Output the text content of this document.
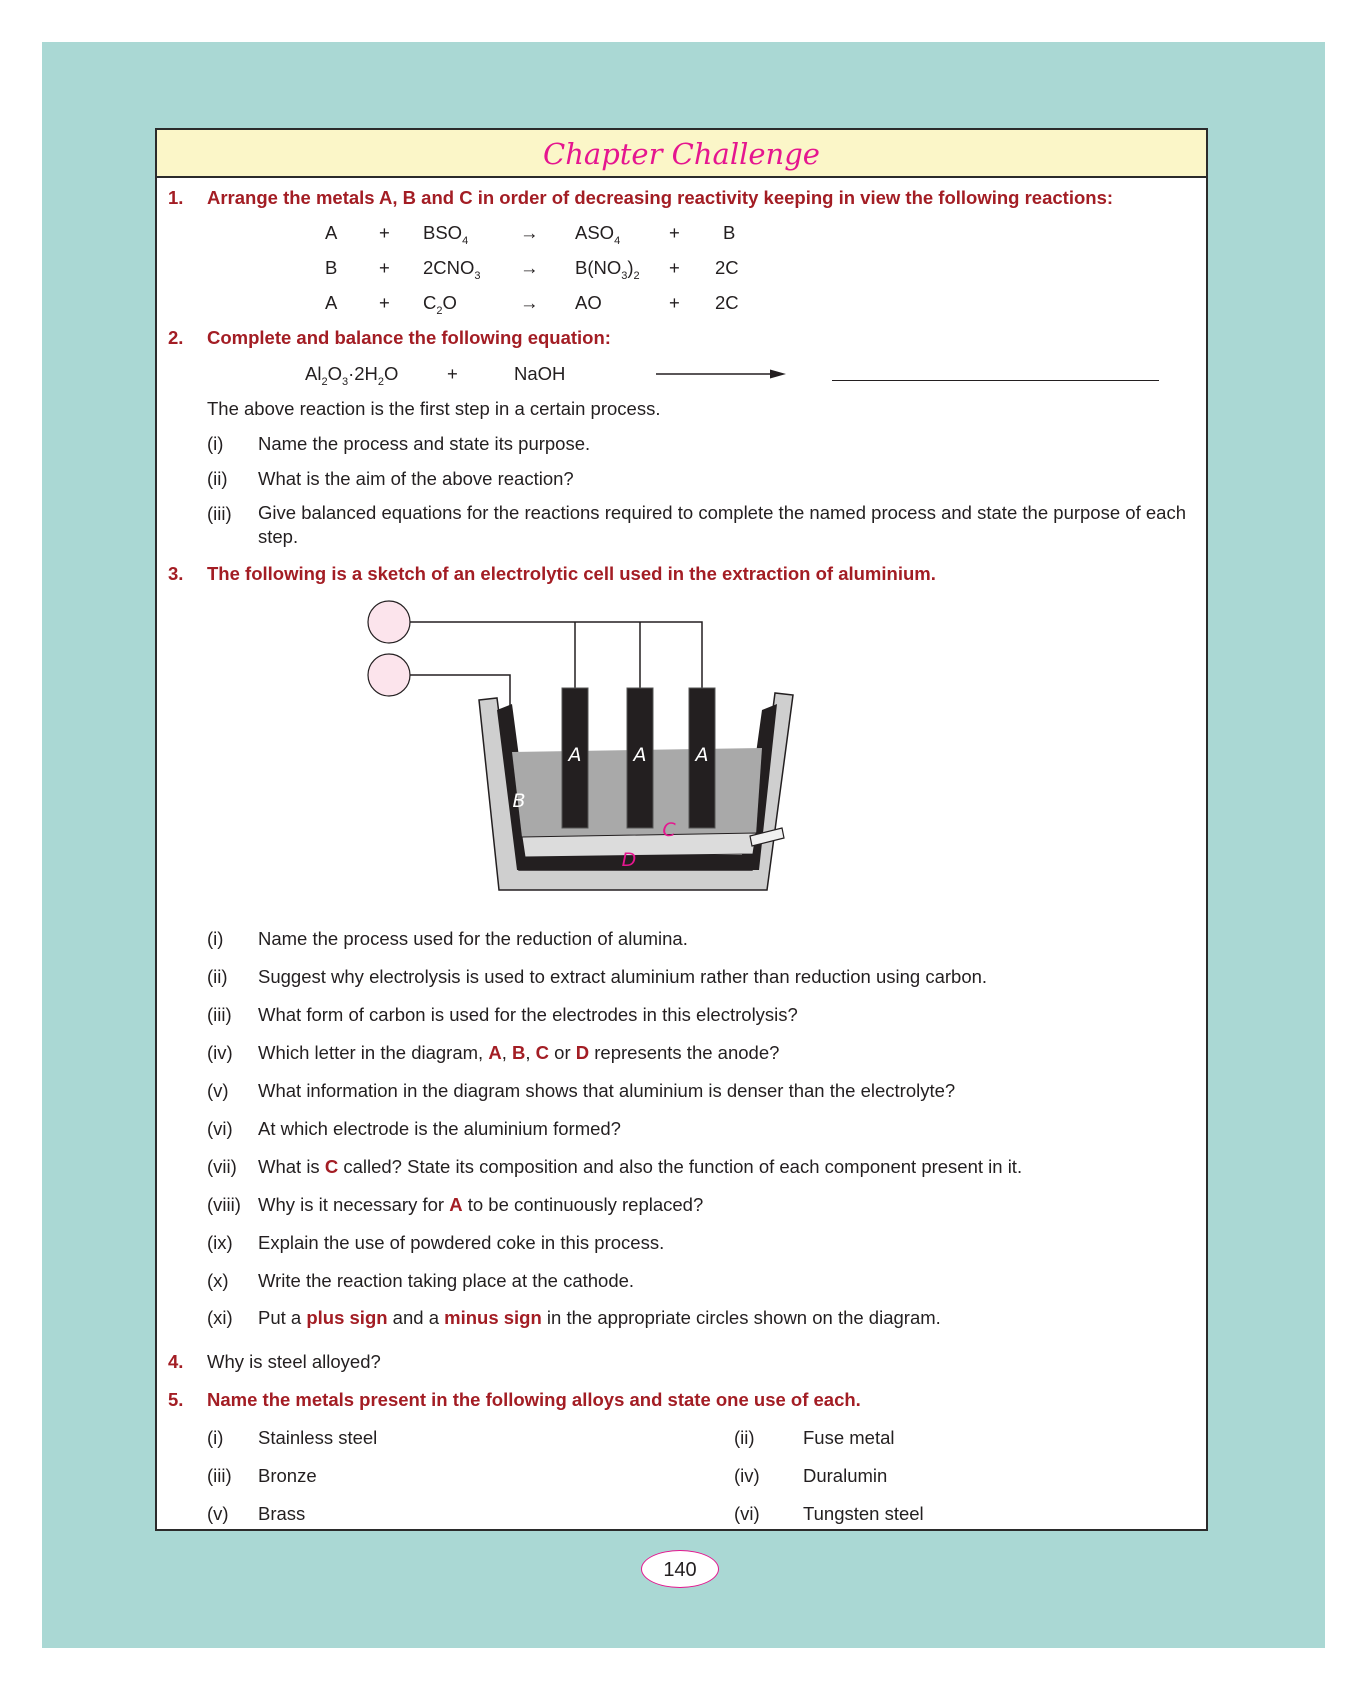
Chapter Challenge
1. Arrange the metals A, B and C in order of decreasing reactivity keeping in view the following reactions:
$A + BSO_4$	→ $ASO_4$	+ B
$B + 2CNO_3 \to B(NO_3)_2 + 2C$
$A + C_2O$	→ AO	+ 2C
2. Complete and balance the following equation:
$Al_2O_3\cdot 2H_2O$	+	NaOH
The above reaction is the first step in a certain process.
(i) Name the process and state its purpose.
(ii) What is the aim of the above reaction?
(iii) Give balanced equations for the reactions required to complete the named process and state the purpose of each step.
3. The following is a sketch of an electrolytic cell used in the extraction of aluminium.
A	A	A
B
C
D
(i) Name the process used for the reduction of alumina.
(ii) Suggest why electrolysis is used to extract aluminium rather than reduction using carbon.
(iii) What form of carbon is used for the electrodes in this electrolysis?
(iv) Which letter in the diagram, A, B, C or D represents the anode?
(v) What information in the diagram shows that aluminium is denser than the electrolyte?
(vi) At which electrode is the aluminium formed?
(vii) What is C called? State its composition and also the function of each component present in it.
(viii) Why is it necessary for A to be continuously replaced?
(ix) Explain the use of powdered coke in this process.
(x) Write the reaction taking place at the cathode.
(xi) Put a plus sign and a minus sign in the appropriate circles shown on the diagram.
4. Why is steel alloyed?
5. Name the metals present in the following alloys and state one use of each.
(i) Stainless steel	(ii)	Fuse metal
(iii) Bronze	(iv) Duralumin
(v) Brass	(vi) Tungsten steel
140
